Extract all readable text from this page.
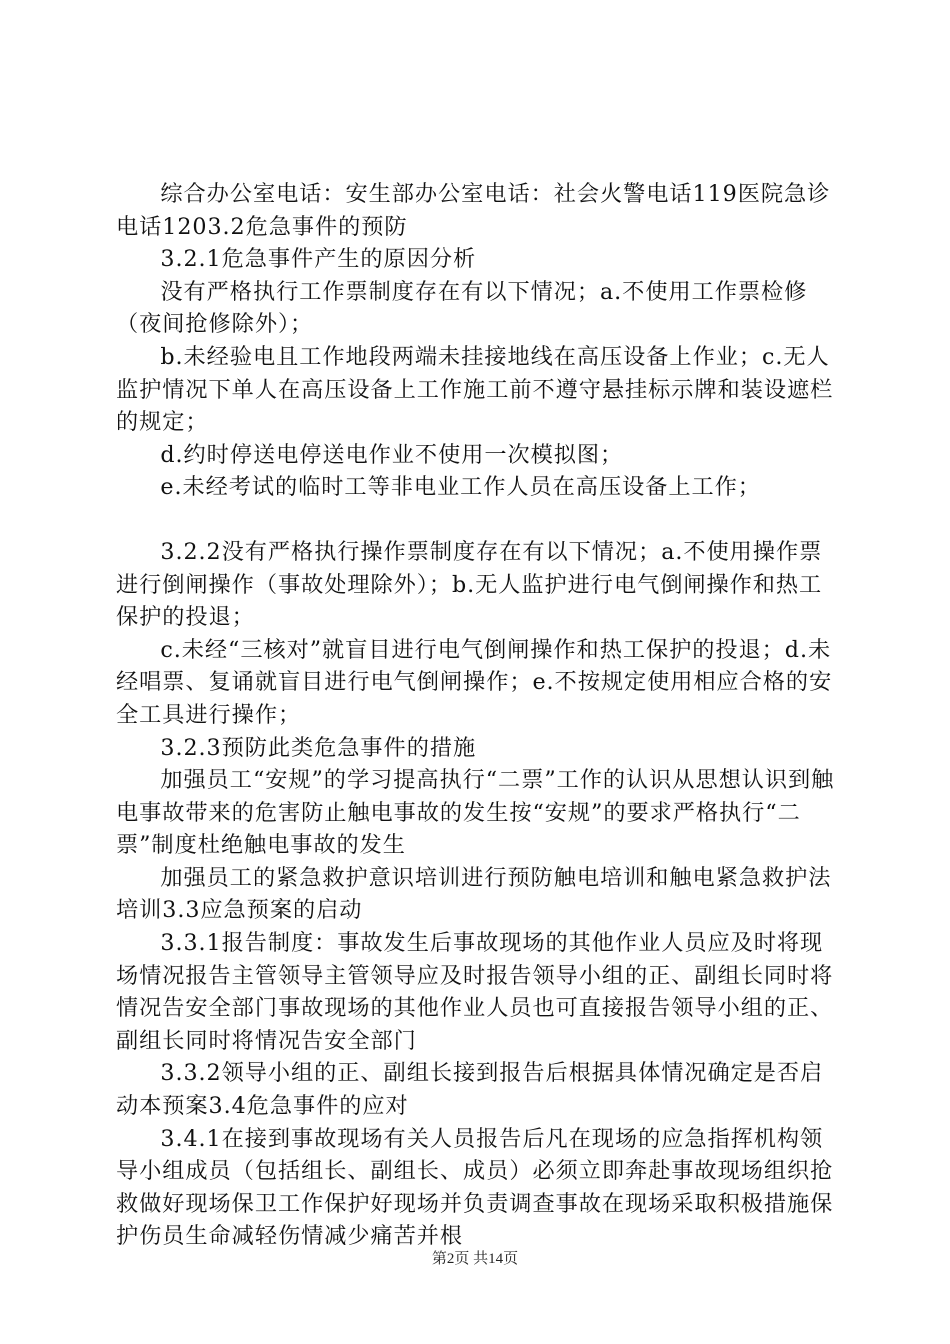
综合办公室电话：安生部办公室电话：社会火警电话119医院急诊电话1203.2危急事件的预防

3.2.1危急事件产生的原因分析

没有严格执行工作票制度存在有以下情况；a.不使用工作票检修（夜间抢修除外）；

b.未经验电且工作地段两端未挂接地线在高压设备上作业；c.无人监护情况下单人在高压设备上工作施工前不遵守悬挂标示牌和装设遮栏的规定；

d.约时停送电停送电作业不使用一次模拟图；

e.未经考试的临时工等非电业工作人员在高压设备上工作；

3.2.2没有严格执行操作票制度存在有以下情况；a.不使用操作票进行倒闸操作（事故处理除外）；b.无人监护进行电气倒闸操作和热工保护的投退；

c.未经“三核对”就盲目进行电气倒闸操作和热工保护的投退；d.未经唱票、复诵就盲目进行电气倒闸操作；e.不按规定使用相应合格的安全工具进行操作；

3.2.3预防此类危急事件的措施

加强员工“安规”的学习提高执行“二票”工作的认识从思想认识到触电事故带来的危害防止触电事故的发生按“安规”的要求严格执行“二票”制度杜绝触电事故的发生

加强员工的紧急救护意识培训进行预防触电培训和触电紧急救护法培训3.3应急预案的启动

3.3.1报告制度：事故发生后事故现场的其他作业人员应及时将现场情况报告主管领导主管领导应及时报告领导小组的正、副组长同时将情况告安全部门事故现场的其他作业人员也可直接报告领导小组的正、副组长同时将情况告安全部门

3.3.2领导小组的正、副组长接到报告后根据具体情况确定是否启动本预案3.4危急事件的应对

3.4.1在接到事故现场有关人员报告后凡在现场的应急指挥机构领导小组成员（包括组长、副组长、成员）必须立即奔赴事故现场组织抢救做好现场保卫工作保护好现场并负责调查事故在现场采取积极措施保护伤员生命减轻伤情减少痛苦并根

第2页 共14页
